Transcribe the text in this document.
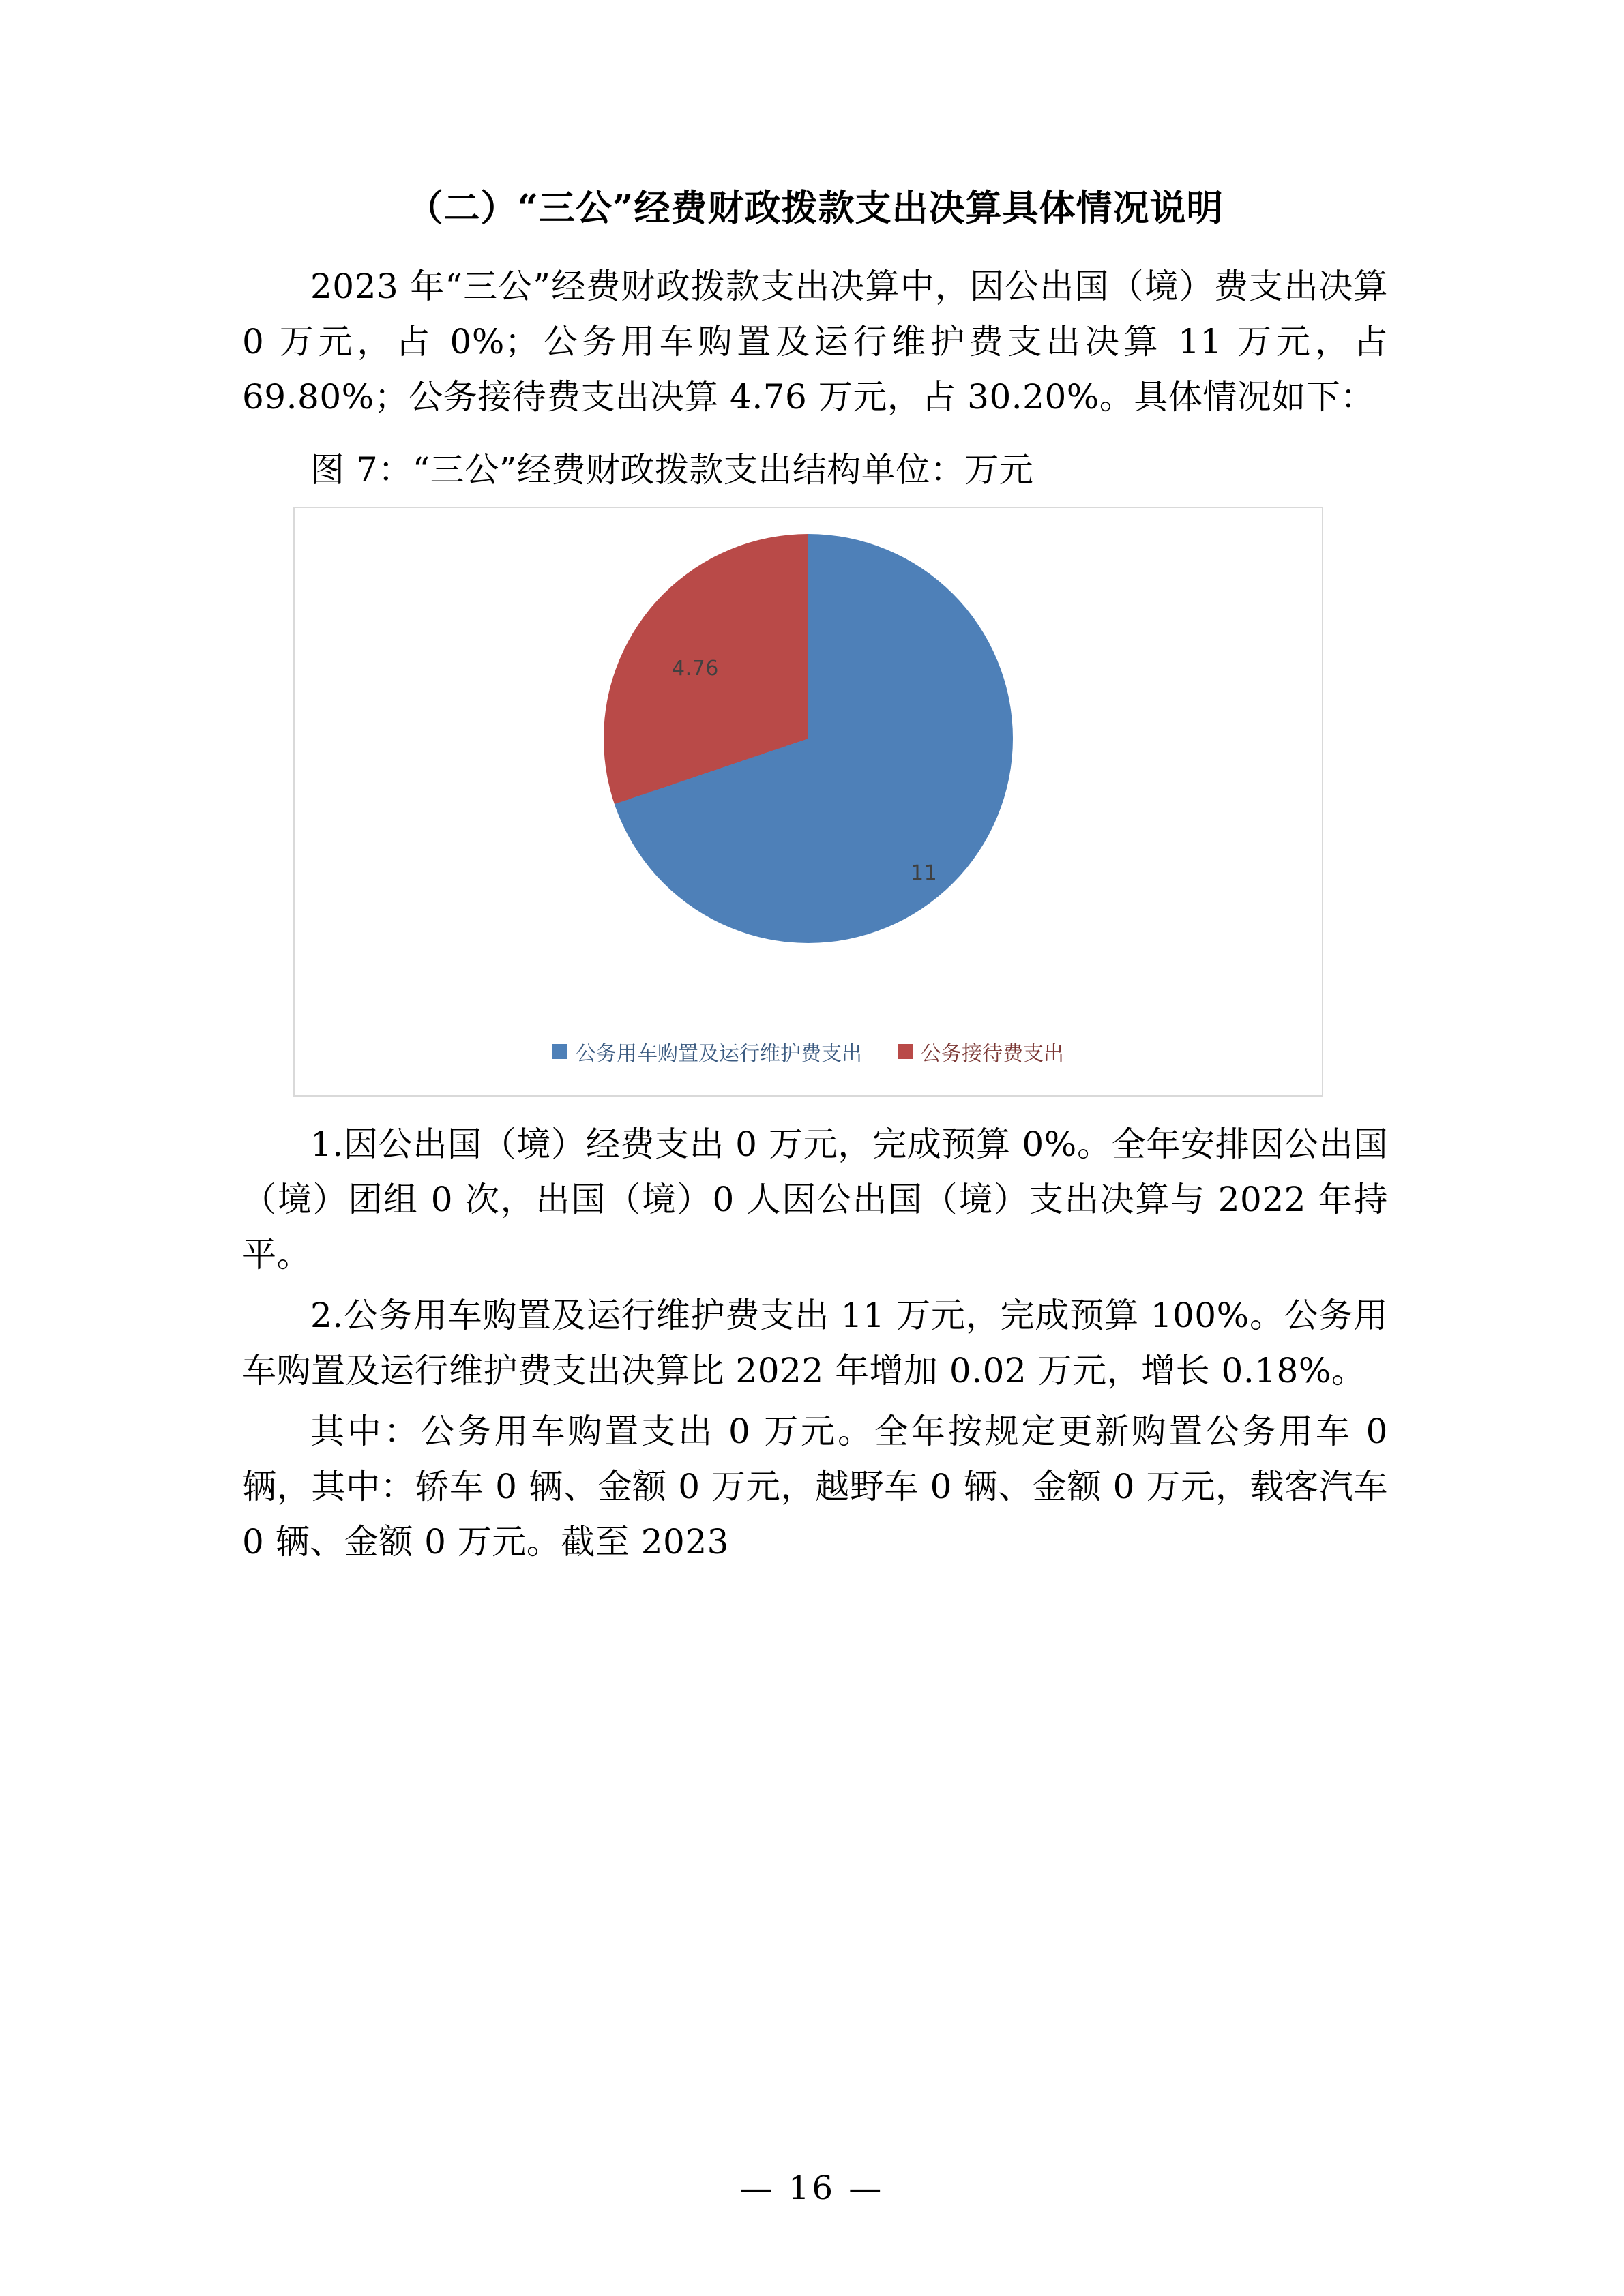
（二）“三公”经费财政拨款支出决算具体情况说明

2023 年“三公”经费财政拨款支出决算中，因公出国（境）费支出决算 0 万元，占 0%；公务用车购置及运行维护费支出决算 11 万元，占 69.80%；公务接待费支出决算 4.76 万元，占 30.20%。具体情况如下：

图 7：“三公”经费财政拨款支出结构单位：万元
11
4.76
公务用车购置及运行维护费支出	公务接待费支出

1.因公出国（境）经费支出 0 万元，完成预算 0%。全年安排因公出国（境）团组 0 次，出国（境）0 人因公出国（境）支出决算与 2022 年持平。

2.公务用车购置及运行维护费支出 11 万元，完成预算 100%。公务用车购置及运行维护费支出决算比 2022 年增加 0.02 万元，增长 0.18%。

其中：公务用车购置支出 0 万元。全年按规定更新购置公务用车 0 辆，其中：轿车 0 辆、金额 0 万元，越野车 0 辆、金额 0 万元，载客汽车 0 辆、金额 0 万元。截至 2023

— 16 —
